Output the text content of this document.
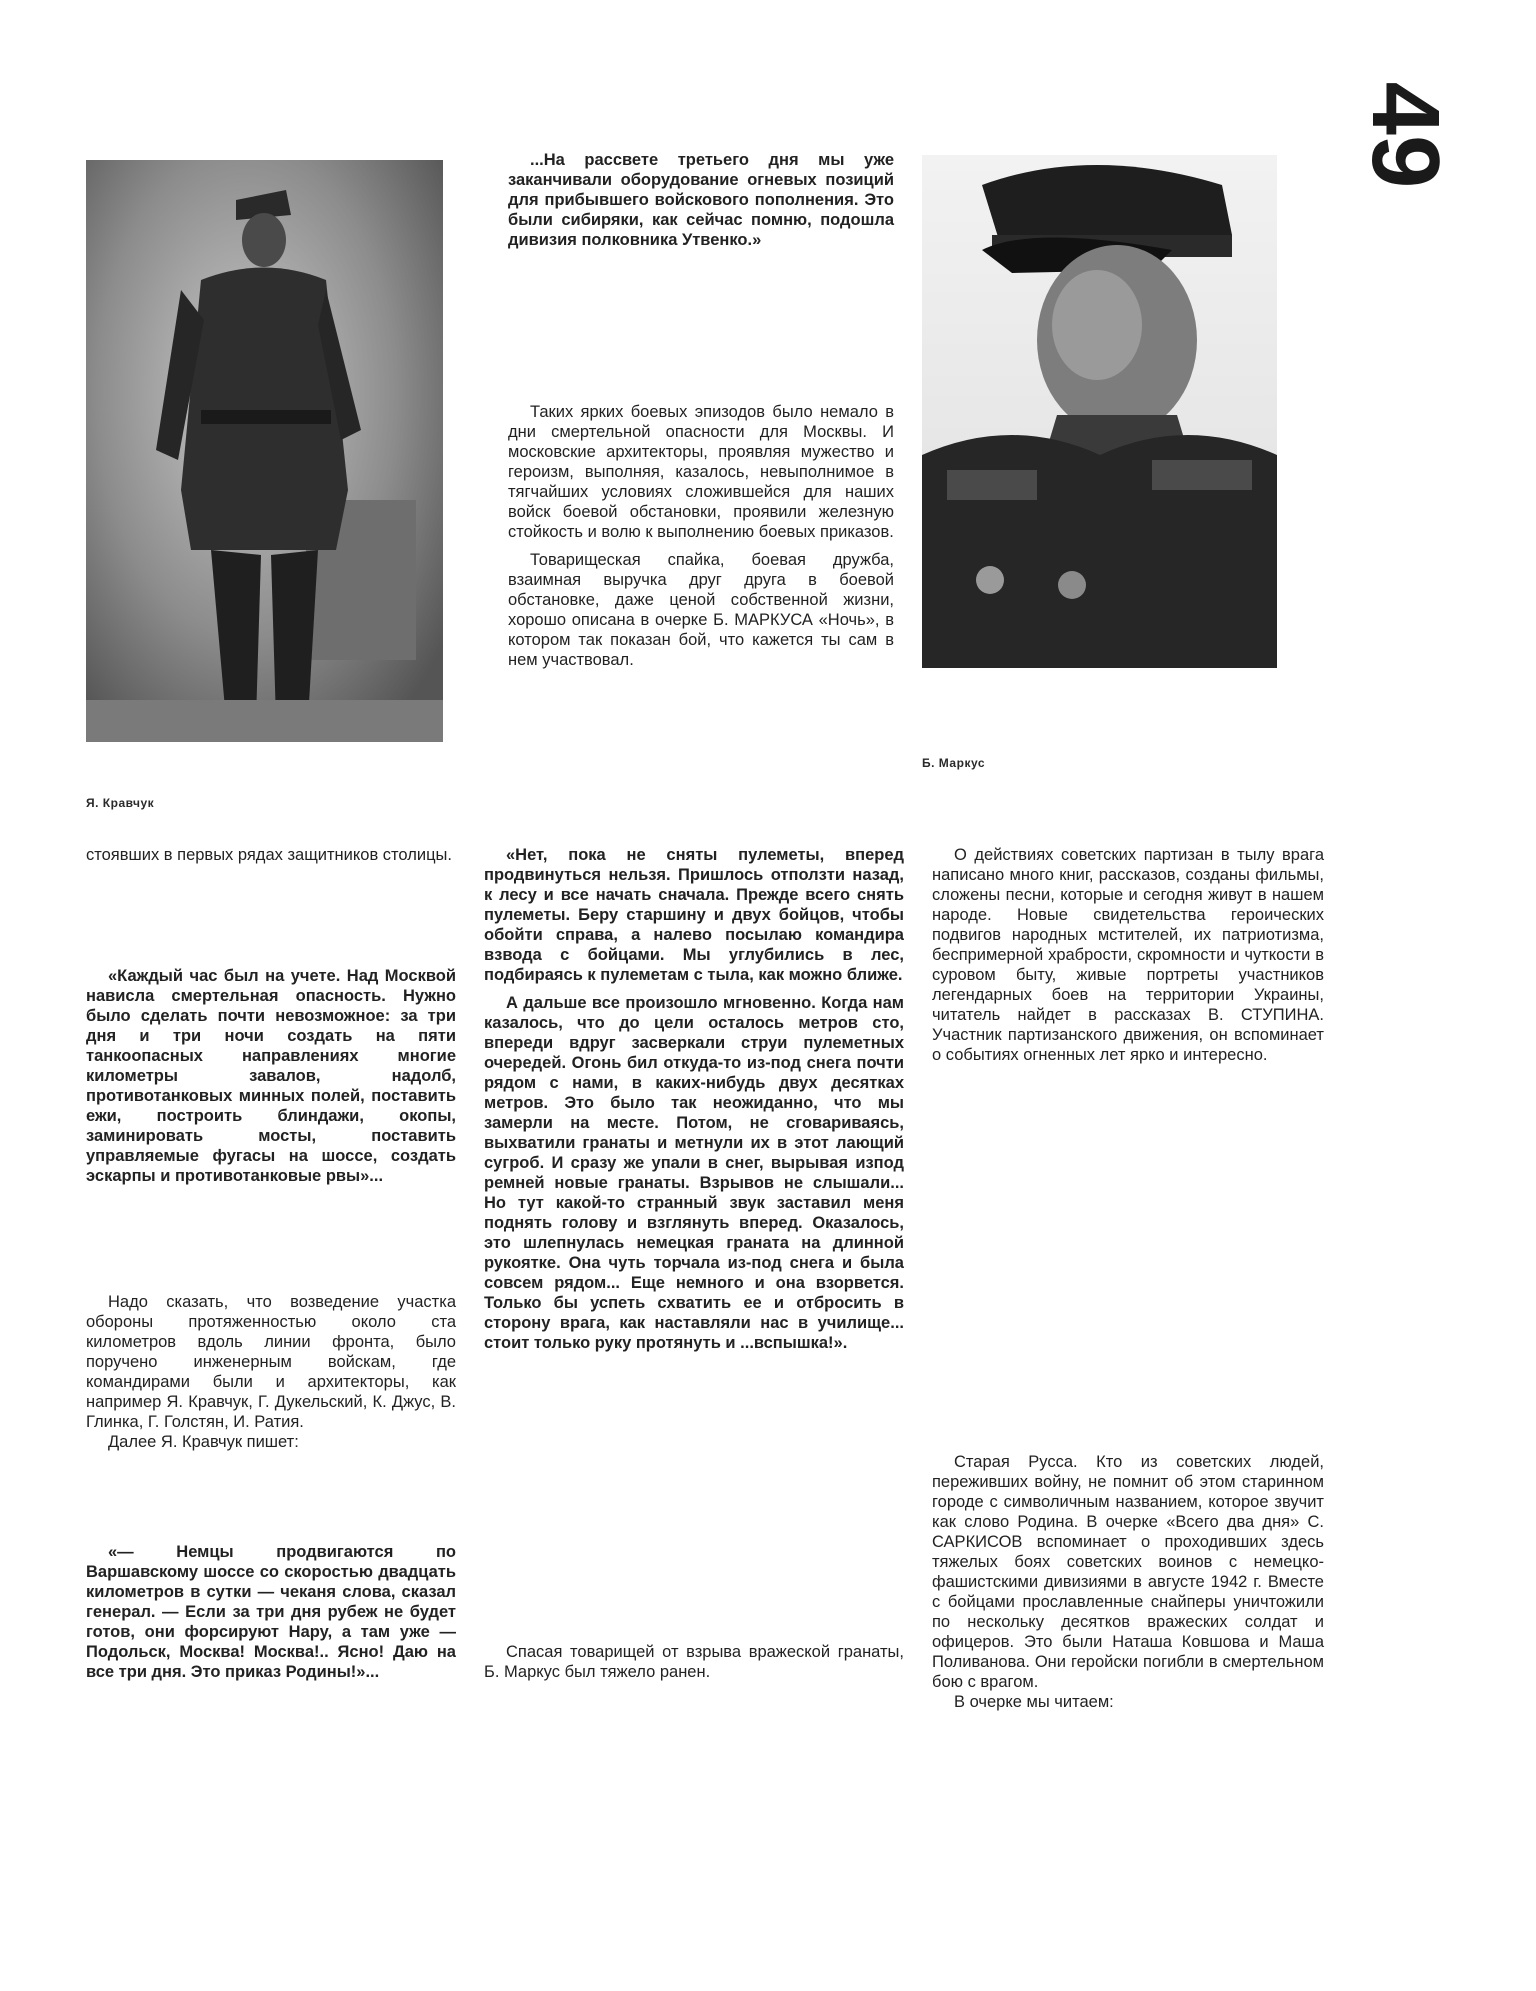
49
Я. Кравчук
Б. Маркус

...На рассвете третьего дня мы уже заканчивали оборудование огневых позиций для прибывшего войскового пополнения. Это были сибиряки, как сейчас помню, подошла дивизия полковника Утвенко.»

Таких ярких боевых эпизодов было немало в дни смертельной опасности для Москвы. И московские архитекторы, проявляя мужество и героизм, выполняя, казалось, невыполнимое в тягчайших условиях сложившейся для наших войск боевой обстановки, проявили железную стойкость и волю к выполнению боевых приказов.

Товарищеская спайка, боевая дружба, взаимная выручка друг друга в боевой обстановке, даже ценой собственной жизни, хорошо описана в очерке Б. МАРКУСА «Ночь», в котором так показан бой, что кажется ты сам в нем участвовал.

стоявших в первых рядах защитников столицы.

«Каждый час был на учете. Над Москвой нависла смертельная опасность. Нужно было сделать почти невозможное: за три дня и три ночи создать на пяти танкоопасных направлениях многие километры завалов, надолб, противотанковых минных полей, поставить ежи, построить блиндажи, окопы, заминировать мосты, поставить управляемые фугасы на шоссе, создать эскарпы и противотанковые рвы»...

Надо сказать, что возведение участка обороны протяженностью около ста километров вдоль линии фронта, было поручено инженерным войскам, где командирами были и архитекторы, как например Я. Кравчук, Г. Дукельский, К. Джус, В. Глинка, Г. Голстян, И. Ратия.

Далее Я. Кравчук пишет:

«— Немцы продвигаются по Варшавскому шоссе со скоростью двадцать километров в сутки — чеканя слова, сказал генерал. — Если за три дня рубеж не будет готов, они форсируют Нару, а там уже — Подольск, Москва! Москва!.. Ясно! Даю на все три дня. Это приказ Родины!»...

«Нет, пока не сняты пулеметы, вперед продвинуться нельзя. Пришлось отползти назад, к лесу и все начать сначала. Прежде всего снять пулеметы. Беру старшину и двух бойцов, чтобы обойти справа, а налево посылаю командира взвода с бойцами. Мы углубились в лес, подбираясь к пулеметам с тыла, как можно ближе.

А дальше все произошло мгновенно. Когда нам казалось, что до цели осталось метров сто, впереди вдруг засверкали струи пулеметных очередей. Огонь бил откуда-то из-под снега почти рядом с нами, в каких-нибудь двух десятках метров. Это было так неожиданно, что мы замерли на месте. Потом, не сговариваясь, выхватили гранаты и метнули их в этот лающий сугроб. И сразу же упали в снег, вырывая изпод ремней новые гранаты. Взрывов не слышали... Но тут какой-то странный звук заставил меня поднять голову и взглянуть вперед. Оказалось, это шлепнулась немецкая граната на длинной рукоятке. Она чуть торчала из-под снега и была совсем рядом... Еще немного и она взорвется. Только бы успеть схватить ее и отбросить в сторону врага, как наставляли нас в училище... стоит только руку протянуть и ...вспышка!».

Спасая товарищей от взрыва вражеской гранаты, Б. Маркус был тяжело ранен.

О действиях советских партизан в тылу врага написано много книг, рассказов, созданы фильмы, сложены песни, которые и сегодня живут в нашем народе. Новые свидетельства героических подвигов народных мстителей, их патриотизма, беспримерной храбрости, скромности и чуткости в суровом быту, живые портреты участников легендарных боев на территории Украины, читатель найдет в рассказах В. СТУПИНА. Участник партизанского движения, он вспоминает о событиях огненных лет ярко и интересно.

Старая Русса. Кто из советских людей, переживших войну, не помнит об этом старинном городе с символичным названием, которое звучит как слово Родина. В очерке «Всего два дня» С. САРКИСОВ вспоминает о проходивших здесь тяжелых боях советских воинов с немецко-фашистскими дивизиями в августе 1942 г. Вместе с бойцами прославленные снайперы уничтожили по нескольку десятков вражеских солдат и офицеров. Это были Наташа Ковшова и Маша Поливанова. Они геройски погибли в смертельном бою с врагом.

В очерке мы читаем:
